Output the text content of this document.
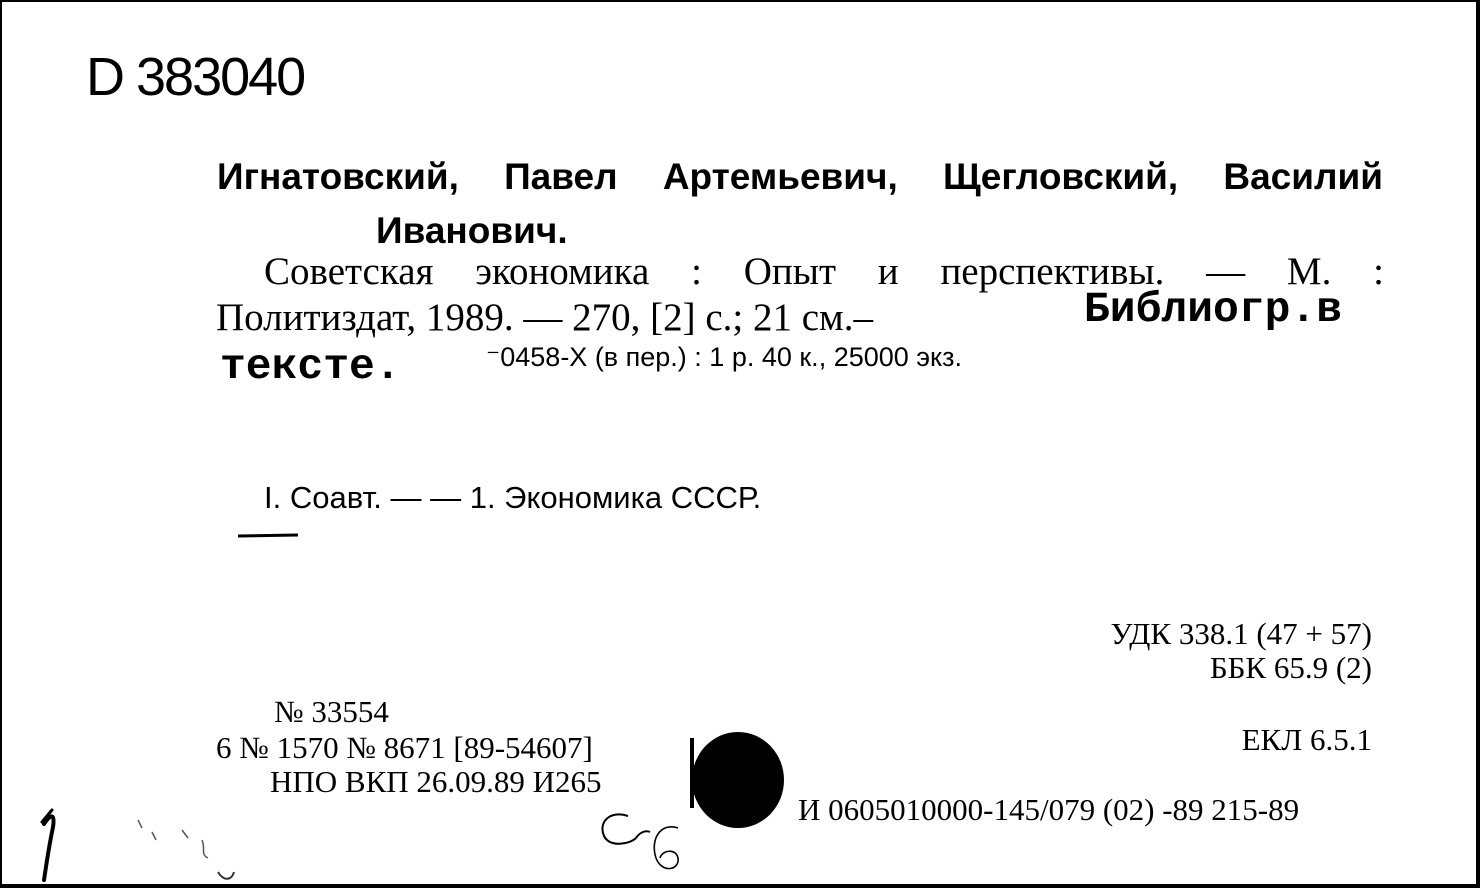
D 383040
Игнатовский, Павел Артемьевич, Щегловский, Василий
Иванович.
Советская экономика : Опыт и перспективы. — М. :
Политиздат, 1989. — 270, [2] с.; 21 см.–	Библиогр.в
тексте.	⁻0458-X (в пер.) : 1 р. 40 к., 25000 экз.
I. Соавт. — — 1. Экономика СССР.
УДК 338.1 (47 + 57)
ББК 65.9 (2)
ЕКЛ 6.5.1
№ 33554
6 № 1570 № 8671 [89-54607]
НПО ВКП 26.09.89 И265
И 0605010000-145/079 (02) -89 215-89
